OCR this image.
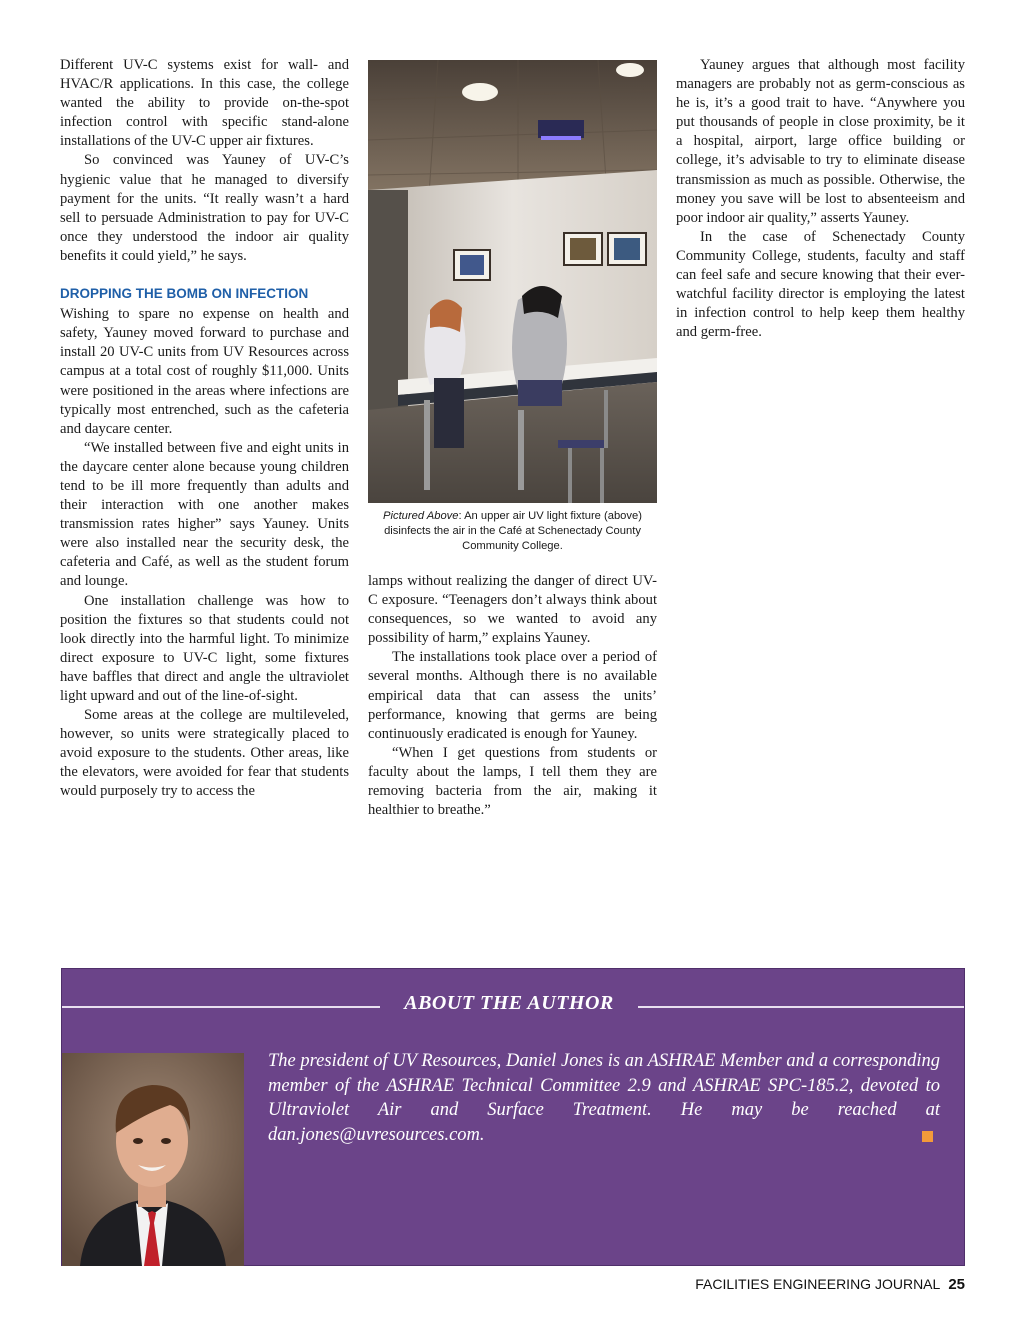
Different UV-C systems exist for wall- and HVAC/R applications. In this case, the college wanted the ability to provide on-the-spot infection control with specific stand-alone installations of the UV-C upper air fixtures.

So convinced was Yauney of UV-C’s hygienic value that he managed to diversify payment for the units. “It really wasn’t a hard sell to persuade Administration to pay for UV-C once they understood the indoor air quality benefits it could yield,” he says.

DROPPING THE BOMB ON INFECTION

Wishing to spare no expense on health and safety, Yauney moved forward to purchase and install 20 UV-C units from UV Resources across campus at a total cost of roughly $11,000. Units were positioned in the areas where infections are typically most entrenched, such as the cafeteria and daycare center.

“We installed between five and eight units in the daycare center alone because young children tend to be ill more frequently than adults and their interaction with one another makes transmission rates higher” says Yauney. Units were also installed near the security desk, the cafeteria and Café, as well as the student forum and lounge.

One installation challenge was how to position the fixtures so that students could not look directly into the harmful light. To minimize direct exposure to UV-C light, some fixtures have baffles that direct and angle the ultraviolet light upward and out of the line-of-sight.

Some areas at the college are multileveled, however, so units were strategically placed to avoid exposure to the students. Other areas, like the elevators, were avoided for fear that students would purposely try to access the

Pictured Above: An upper air UV light fixture (above) disinfects the air in the Café at Schenectady County Community College.

lamps without realizing the danger of direct UV-C exposure. “Teenagers don’t always think about consequences, so we wanted to avoid any possibility of harm,” explains Yauney.

The installations took place over a period of several months. Although there is no available empirical data that can assess the units’ performance, knowing that germs are being continuously eradicated is enough for Yauney.

“When I get questions from students or faculty about the lamps, I tell them they are removing bacteria from the air, making it healthier to breathe.”

Yauney argues that although most facility managers are probably not as germ-conscious as he is, it’s a good trait to have. “Anywhere you put thousands of people in close proximity, be it a hospital, airport, large office building or college, it’s advisable to try to eliminate disease transmission as much as possible. Otherwise, the money you save will be lost to absenteeism and poor indoor air quality,” asserts Yauney.

In the case of Schenectady County Community College, students, faculty and staff can feel safe and secure knowing that their ever-watchful facility director is employing the latest in infection control to help keep them healthy and germ-free.

ABOUT THE AUTHOR
The president of UV Resources, Daniel Jones is an ASHRAE Member and a corresponding member of the ASHRAE Technical Committee 2.9 and ASHRAE SPC-185.2, devoted to Ultraviolet Air and Surface Treatment. He may be reached at dan.jones@uvresources.com.
FACILITIES ENGINEERING JOURNAL 25
